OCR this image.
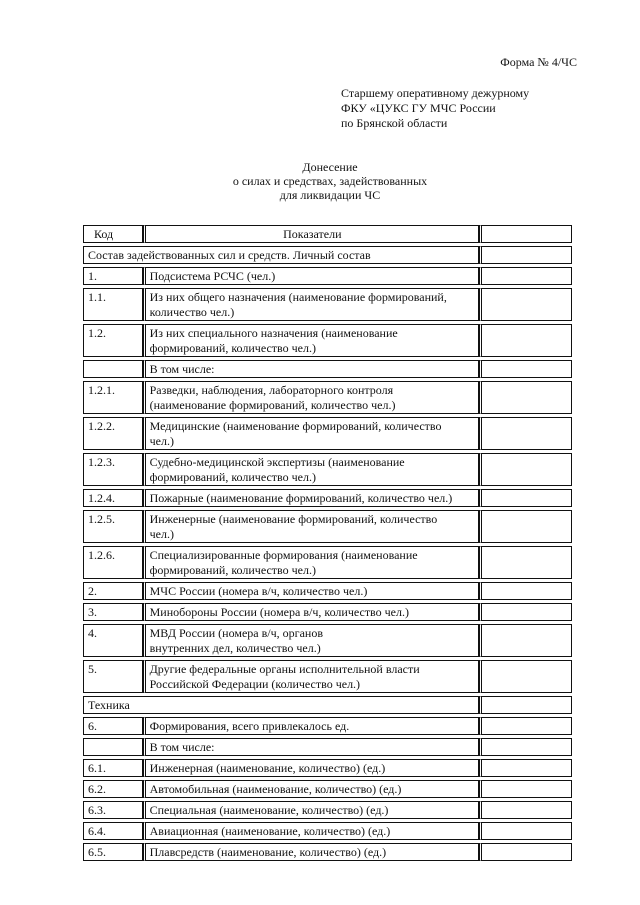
Форма № 4/ЧС
Старшему оперативному дежурному
ФКУ «ЦУКС ГУ МЧС России
по Брянской области
Донесение
о силах и средствах, задействованных
для ликвидации ЧС
Код	Показатели	
Состав задействованных сил и средств. Личный состав		
1.	Подсистема РСЧС (чел.)	

1.1.	Из них общего назначения (наименование формирований,
количество чел.)	

1.2.	Из них специального назначения (наименование
формирований, количество чел.)	

	В том числе:	

1.2.1.	Разведки, наблюдения, лабораторного контроля
(наименование формирований, количество чел.)	

1.2.2.	Медицинские (наименование формирований, количество
чел.)	

1.2.3.	Судебно-медицинской экспертизы (наименование
формирований, количество чел.)	

1.2.4.	Пожарные (наименование формирований, количество чел.)	

1.2.5.	Инженерные (наименование формирований, количество
чел.)	

1.2.6.	Специализированные формирования (наименование
формирований, количество чел.)	

2.	МЧС России (номера в/ч, количество чел.)	

3.	Минобороны России (номера в/ч, количество чел.)	

4.	МВД России (номера в/ч, органов
внутренних дел, количество чел.)	

5.	Другие федеральные органы исполнительной власти
Российской Федерации (количество чел.)	

Техника		
6.	Формирования, всего привлекалось ед.	

	В том числе:	

6.1.	Инженерная (наименование, количество) (ед.)	

6.2.	Автомобильная (наименование, количество) (ед.)	

6.3.	Специальная (наименование, количество) (ед.)	

6.4.	Авиационная (наименование, количество) (ед.)	

6.5.	Плавсредств (наименование, количество) (ед.)	
